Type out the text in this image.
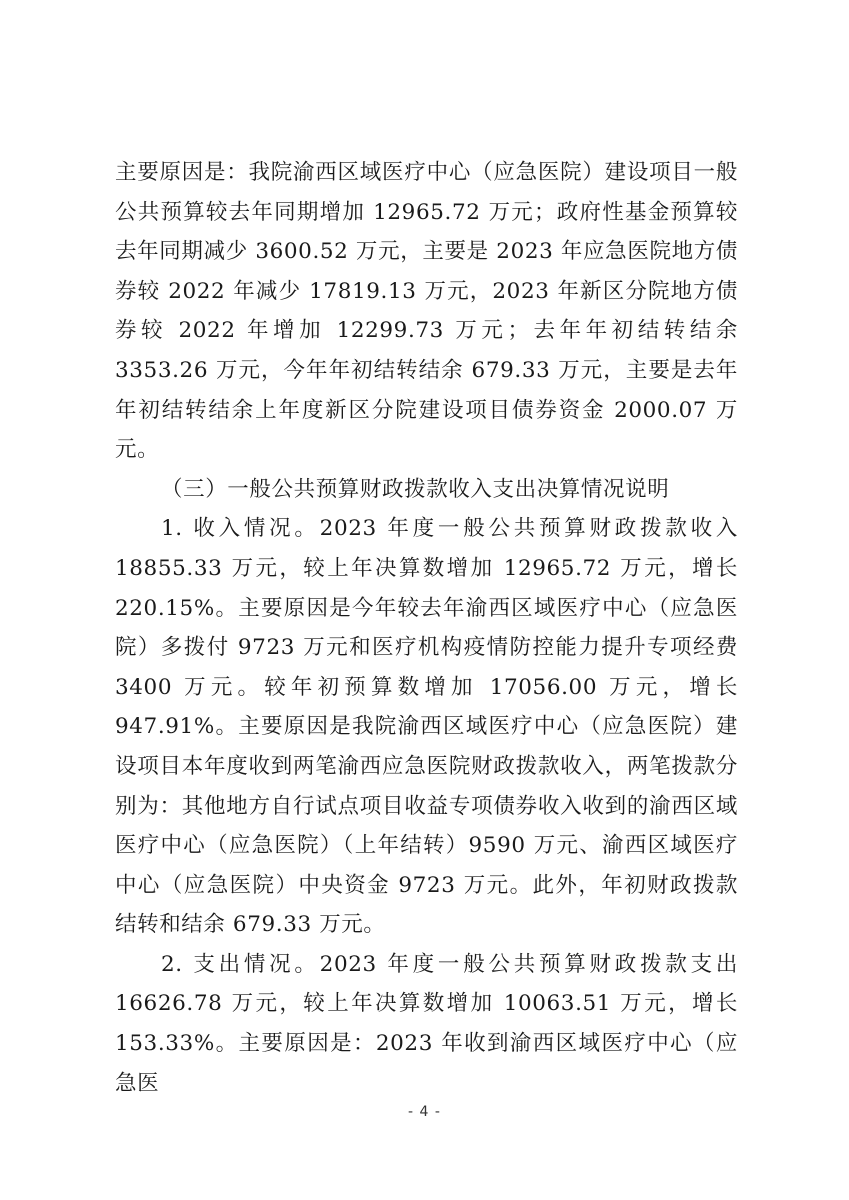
主要原因是：我院渝西区域医疗中心（应急医院）建设项目一般公共预算较去年同期增加 12965.72 万元；政府性基金预算较去年同期减少 3600.52 万元，主要是 2023 年应急医院地方债券较 2022 年减少 17819.13 万元，2023 年新区分院地方债券较 2022 年增加 12299.73 万元；去年年初结转结余 3353.26 万元，今年年初结转结余 679.33 万元，主要是去年年初结转结余上年度新区分院建设项目债券资金 2000.07 万元。

（三）一般公共预算财政拨款收入支出决算情况说明

1. 收入情况。2023 年度一般公共预算财政拨款收入 18855.33 万元，较上年决算数增加 12965.72 万元，增长 220.15%。主要原因是今年较去年渝西区域医疗中心（应急医院）多拨付 9723 万元和医疗机构疫情防控能力提升专项经费 3400 万元。较年初预算数增加 17056.00 万元，增长 947.91%。主要原因是我院渝西区域医疗中心（应急医院）建设项目本年度收到两笔渝西应急医院财政拨款收入，两笔拨款分别为：其他地方自行试点项目收益专项债券收入收到的渝西区域医疗中心（应急医院）（上年结转）9590 万元、渝西区域医疗中心（应急医院）中央资金 9723 万元。此外，年初财政拨款结转和结余 679.33 万元。

2. 支出情况。2023 年度一般公共预算财政拨款支出 16626.78 万元，较上年决算数增加 10063.51 万元，增长 153.33%。主要原因是：2023 年收到渝西区域医疗中心（应急医

- 4 -
